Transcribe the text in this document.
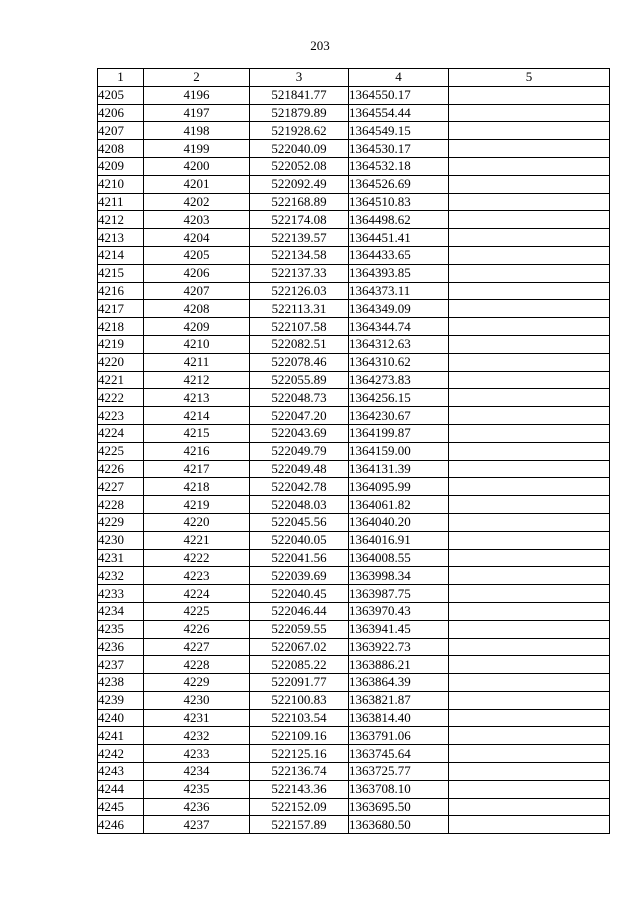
203
1	2	3	4	5
4205	4196	521841.77	1364550.17	
4206	4197	521879.89	1364554.44	
4207	4198	521928.62	1364549.15	
4208	4199	522040.09	1364530.17	
4209	4200	522052.08	1364532.18	
4210	4201	522092.49	1364526.69	
4211	4202	522168.89	1364510.83	
4212	4203	522174.08	1364498.62	
4213	4204	522139.57	1364451.41	
4214	4205	522134.58	1364433.65	
4215	4206	522137.33	1364393.85	
4216	4207	522126.03	1364373.11	
4217	4208	522113.31	1364349.09	
4218	4209	522107.58	1364344.74	
4219	4210	522082.51	1364312.63	
4220	4211	522078.46	1364310.62	
4221	4212	522055.89	1364273.83	
4222	4213	522048.73	1364256.15	
4223	4214	522047.20	1364230.67	
4224	4215	522043.69	1364199.87	
4225	4216	522049.79	1364159.00	
4226	4217	522049.48	1364131.39	
4227	4218	522042.78	1364095.99	
4228	4219	522048.03	1364061.82	
4229	4220	522045.56	1364040.20	
4230	4221	522040.05	1364016.91	
4231	4222	522041.56	1364008.55	
4232	4223	522039.69	1363998.34	
4233	4224	522040.45	1363987.75	
4234	4225	522046.44	1363970.43	
4235	4226	522059.55	1363941.45	
4236	4227	522067.02	1363922.73	
4237	4228	522085.22	1363886.21	
4238	4229	522091.77	1363864.39	
4239	4230	522100.83	1363821.87	
4240	4231	522103.54	1363814.40	
4241	4232	522109.16	1363791.06	
4242	4233	522125.16	1363745.64	
4243	4234	522136.74	1363725.77	
4244	4235	522143.36	1363708.10	
4245	4236	522152.09	1363695.50	
4246	4237	522157.89	1363680.50	
